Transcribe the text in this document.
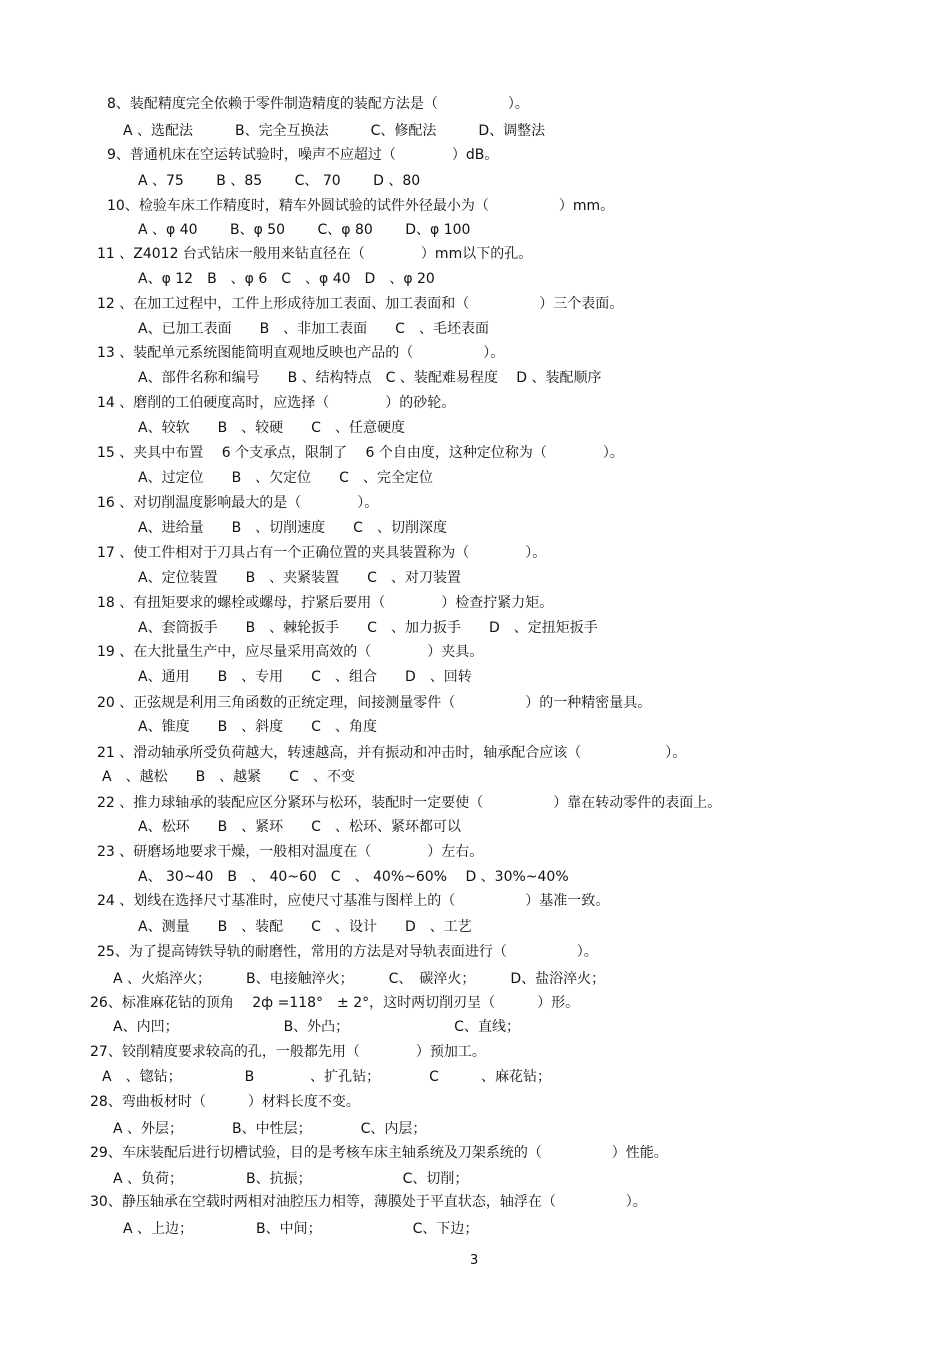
8、装配精度完全依赖于零件制造精度的装配方法是（　　　　　）。
A 、选配法　　　B、完全互换法　　　C、修配法　　　D、调整法
9、普通机床在空运转试验时，噪声不应超过（　　　　）dB。
A 、75　　 B 、85　　 C、 70　　 D 、80
10、检验车床工作精度时，精车外圆试验的试件外径最小为（　　　　　）mm。
A 、φ 40　　 B、φ 50　　 C、φ 80　　 D、φ 100
11 、Z4012 台式钻床一般用来钻直径在（　　　　）mm以下的孔。
A、φ 12　B　、φ 6　C　、φ 40　D　、φ 20
12 、在加工过程中，工件上形成待加工表面、加工表面和（　　　　　）三个表面。
A、已加工表面　　B　、非加工表面　　C　、毛坯表面
13 、装配单元系统图能简明直观地反映也产品的（　　　　　）。
A、部件名称和编号　　B 、结构特点　C 、装配难易程度　 D 、装配顺序
14 、磨削的工伯硬度高时，应选择（　　　　）的砂轮。
A、较软　　B　、较硬　　C　、任意硬度
15 、夹具中布置　 6 个支承点，限制了　 6 个自由度，这种定位称为（　　　　）。
A、过定位　　B　、欠定位　　C　、完全定位
16 、对切削温度影响最大的是（　　　　）。
A、进给量　　B　、切削速度　　C　、切削深度
17 、使工件相对于刀具占有一个正确位置的夹具装置称为（　　　　）。
A、定位装置　　B　、夹紧装置　　C　、对刀装置
18 、有扭矩要求的螺栓或螺母，拧紧后要用（　　　　）检查拧紧力矩。
A、套筒扳手　　B　、棘轮扳手　　C　、加力扳手　　D　、定扭矩扳手
19 、在大批量生产中，应尽量采用高效的（　　　　）夹具。
A、通用　　B　、专用　　C　、组合　　D　、回转
20 、正弦规是利用三角函数的正统定理，间接测量零件（　　　　　）的一种精密量具。
A、锥度　　B　、斜度　　C　、角度
21 、滑动轴承所受负荷越大，转速越高，并有振动和冲击时，轴承配合应该（　　　　　　）。
A　、越松　　B　、越紧　　C　、不变
22 、推力球轴承的装配应区分紧环与松环，装配时一定要使（　　　　　）靠在转动零件的表面上。
A、松环　　B　、紧环　　C　、松环、紧环都可以
23 、研磨场地要求干燥，一般相对温度在（　　　　）左右。
A、 30~40　B　、 40~60　C　、 40%~60%　 D 、30%~40%
24 、划线在选择尺寸基准时，应使尺寸基准与图样上的（　　　　　）基准一致。
A、测量　　B　、装配　　C　、设计　　D　、工艺
25、为了提高铸铁导轨的耐磨性，常用的方法是对导轨表面进行（　　　　　）。
A 、火焰淬火；　　　B、电接触淬火；　　　C、　碳淬火；　　　D、盐浴淬火；
26、标准麻花钻的顶角　 2ф =118°　± 2°，这时两切削刃呈（　　　）形。
A、内凹；　　　　　　　　B、外凸；　　　　　　　　C、直线；
27、铰削精度要求较高的孔，一般都先用（　　　　）预加工。
A　、锪钻；　　　　　B　　　　、扩孔钻；　　　　C　　　、麻花钻；
28、弯曲板材时（　　　）材料长度不变。
A 、外层；　　　　B、中性层；　　　　C、内层；
29、车床装配后进行切槽试验，目的是考核车床主轴系统及刀架系统的（　　　　　）性能。
A 、负荷；　　　　　B、抗振；　　　　　　　C、切削；
30、静压轴承在空载时两相对油腔压力相等，薄膜处于平直状态，轴浮在（　　　　　）。
A 、上边；　　　　　B、中间；　　　　　　　C、下边；
3
